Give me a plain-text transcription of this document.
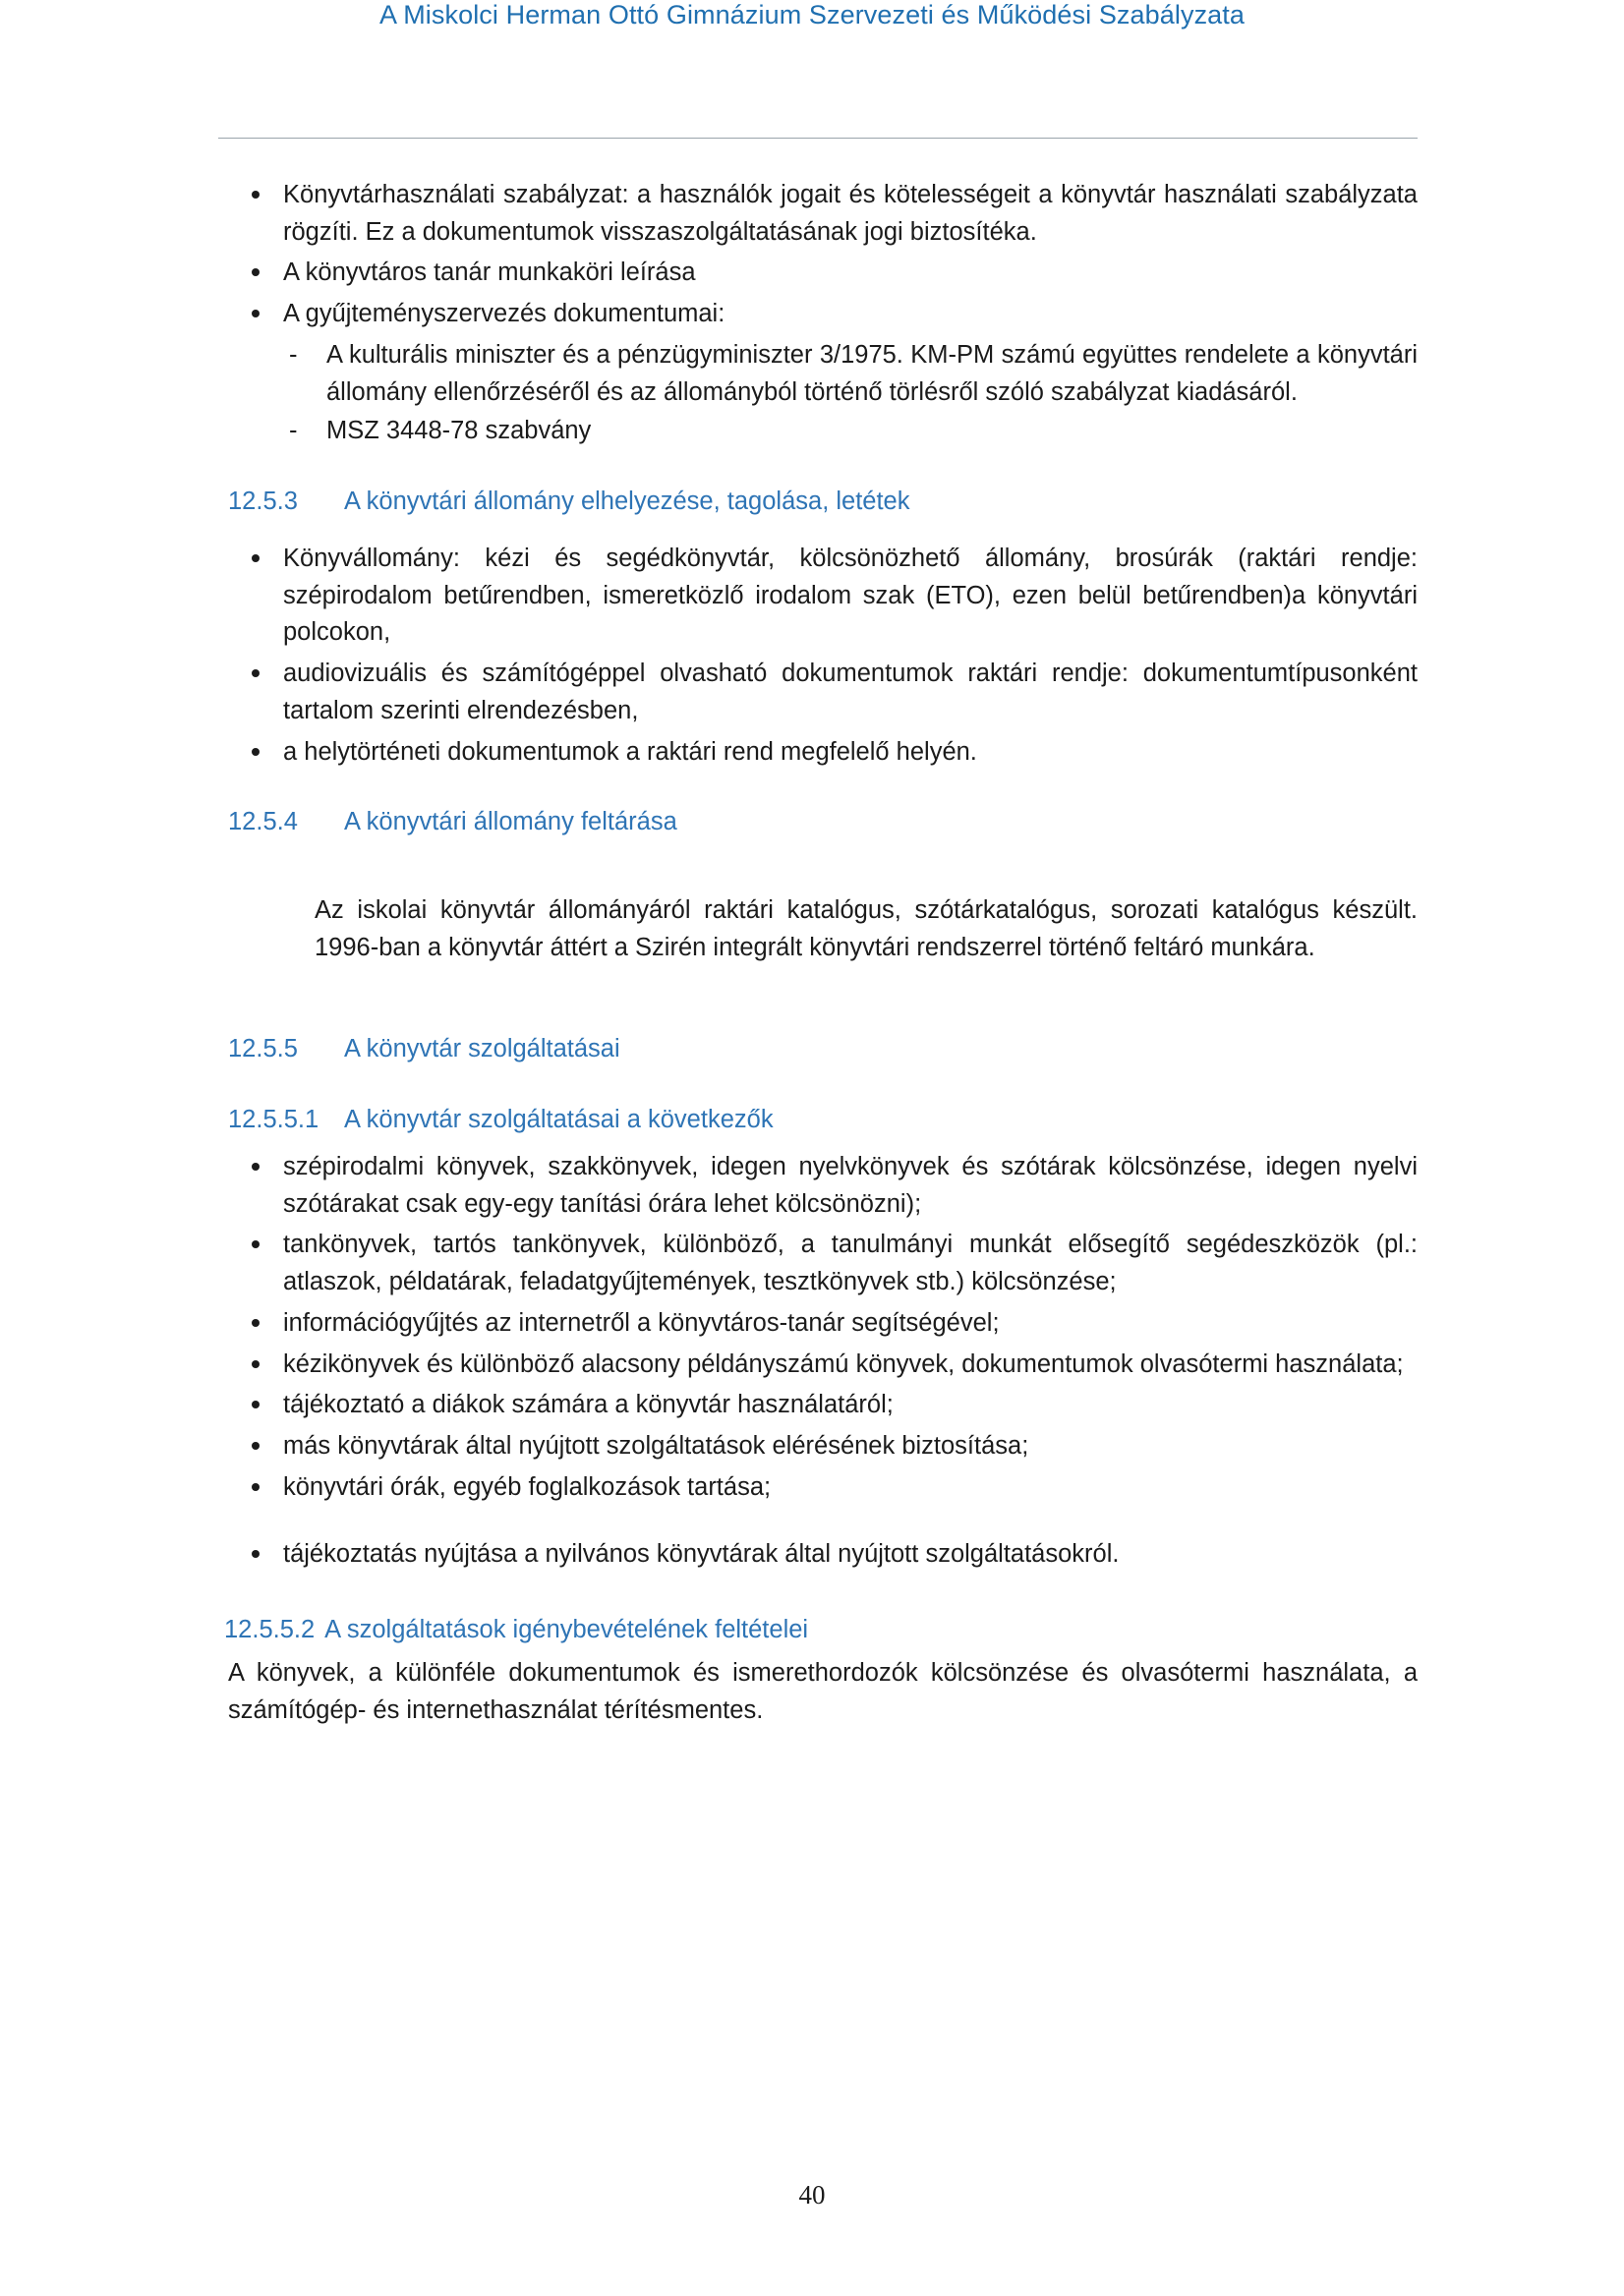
A Miskolci Herman Ottó Gimnázium Szervezeti és Működési Szabályzata
Könyvtárhasználati szabályzat: a használók jogait és kötelességeit a könyvtár használati szabályzata rögzíti. Ez a dokumentumok visszaszolgáltatásának jogi biztosítéka.
A könyvtáros tanár munkaköri leírása
A gyűjteményszervezés dokumentumai:
- A kulturális miniszter és a pénzügyminiszter 3/1975. KM-PM számú együttes rendelete a könyvtári állomány ellenőrzéséről és az állományból történő törlésről szóló szabályzat kiadásáról.
- MSZ 3448-78 szabvány
12.5.3	A könyvtári állomány elhelyezése, tagolása, letétek
Könyvállomány: kézi és segédkönyvtár, kölcsönözhető állomány, brosúrák (raktári rendje: szépirodalom betűrendben, ismeretközlő irodalom szak (ETO), ezen belül betűrendben)a könyvtári polcokon,
audiovizuális és számítógéppel olvasható dokumentumok raktári rendje: dokumentumtípusonként tartalom szerinti elrendezésben,
a helytörténeti dokumentumok a raktári rend megfelelő helyén.
12.5.4	A könyvtári állomány feltárása
Az iskolai könyvtár állományáról raktári katalógus, szótárkatalógus, sorozati katalógus készült. 1996-ban a könyvtár áttért a Szirén integrált könyvtári rendszerrel történő feltáró munkára.
12.5.5	A könyvtár szolgáltatásai
12.5.5.1	A könyvtár szolgáltatásai a következők
szépirodalmi könyvek, szakkönyvek, idegen nyelvkönyvek és szótárak kölcsönzése, idegen nyelvi szótárakat csak egy-egy tanítási órára lehet kölcsönözni);
tankönyvek, tartós tankönyvek, különböző, a tanulmányi munkát elősegítő segédeszközök (pl.: atlaszok, példatárak, feladatgyűjtemények, tesztkönyvek stb.) kölcsönzése;
információgyűjtés az internetről a könyvtáros-tanár segítségével;
kézikönyvek és különböző alacsony példányszámú könyvek, dokumentumok olvasótermi használata;
tájékoztató a diákok számára a könyvtár használatáról;
más könyvtárak által nyújtott szolgáltatások elérésének biztosítása;
könyvtári órák, egyéb foglalkozások tartása;
tájékoztatás nyújtása a nyilvános könyvtárak által nyújtott szolgáltatásokról.
12.5.5.2 A szolgáltatások igénybevételének feltételei
A könyvek, a különféle dokumentumok és ismerethordozók kölcsönzése és olvasótermi használata, a számítógép- és internethasználat térítésmentes.
40
